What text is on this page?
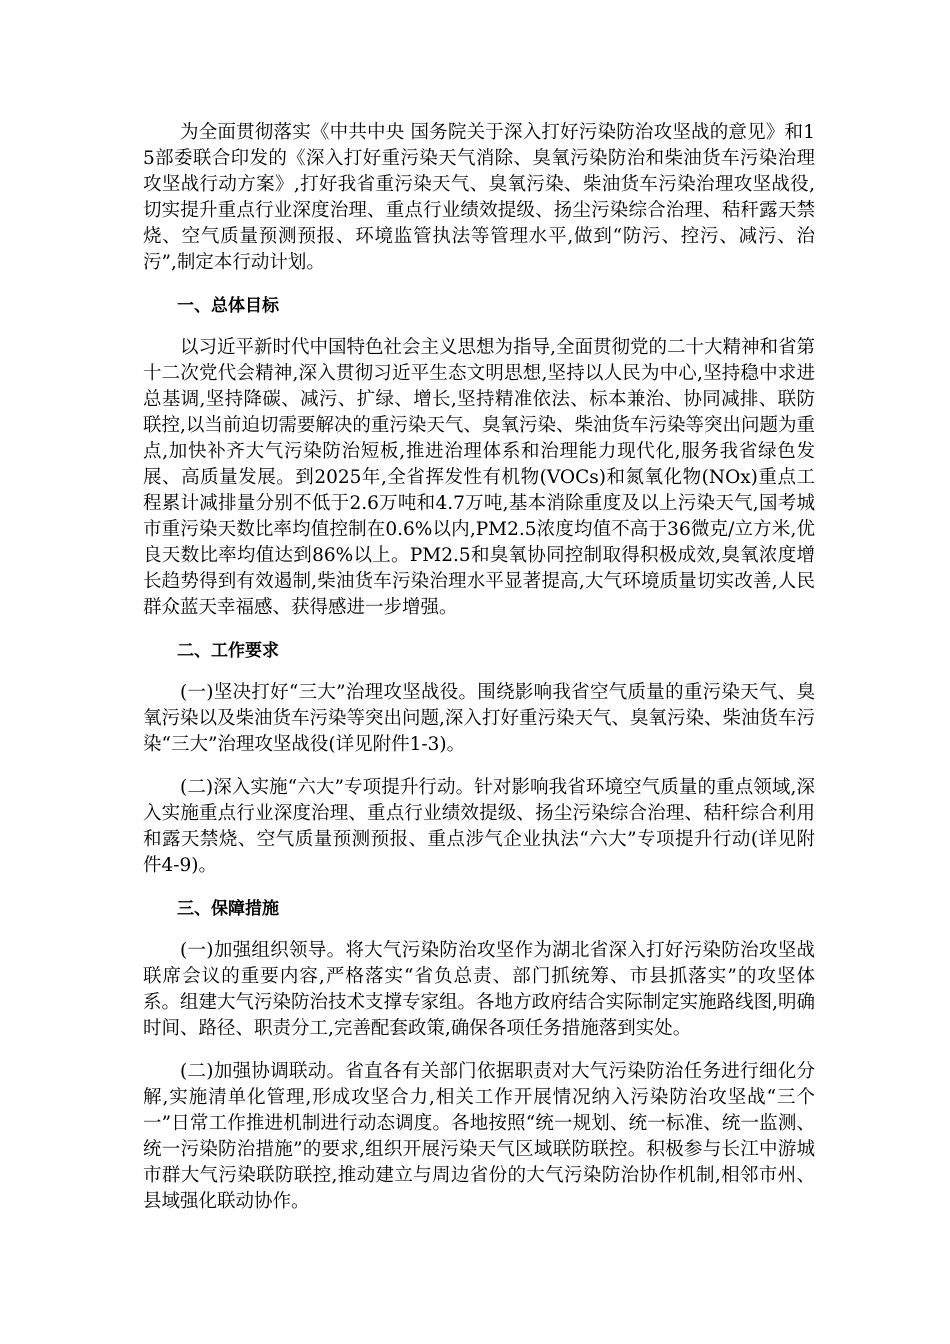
为全面贯彻落实《中共中央 国务院关于深入打好污染防治攻坚战的意见》和15部委联合印发的《深入打好重污染天气消除、臭氧污染防治和柴油货车污染治理攻坚战行动方案》,打好我省重污染天气、臭氧污染、柴油货车污染治理攻坚战役,切实提升重点行业深度治理、重点行业绩效提级、扬尘污染综合治理、秸秆露天禁烧、空气质量预测预报、环境监管执法等管理水平,做到“防污、控污、减污、治污”,制定本行动计划。

一、总体目标

以习近平新时代中国特色社会主义思想为指导,全面贯彻党的二十大精神和省第十二次党代会精神,深入贯彻习近平生态文明思想,坚持以人民为中心,坚持稳中求进总基调,坚持降碳、减污、扩绿、增长,坚持精准依法、标本兼治、协同减排、联防联控,以当前迫切需要解决的重污染天气、臭氧污染、柴油货车污染等突出问题为重点,加快补齐大气污染防治短板,推进治理体系和治理能力现代化,服务我省绿色发展、高质量发展。到2025年,全省挥发性有机物(VOCs)和氮氧化物(NOx)重点工程累计减排量分别不低于2.6万吨和4.7万吨,基本消除重度及以上污染天气,国考城市重污染天数比率均值控制在0.6%以内,PM2.5浓度均值不高于36微克/立方米,优良天数比率均值达到86%以上。PM2.5和臭氧协同控制取得积极成效,臭氧浓度增长趋势得到有效遏制,柴油货车污染治理水平显著提高,大气环境质量切实改善,人民群众蓝天幸福感、获得感进一步增强。

二、工作要求

(一)坚决打好“三大”治理攻坚战役。围绕影响我省空气质量的重污染天气、臭氧污染以及柴油货车污染等突出问题,深入打好重污染天气、臭氧污染、柴油货车污染“三大”治理攻坚战役(详见附件1-3)。

(二)深入实施“六大”专项提升行动。针对影响我省环境空气质量的重点领域,深入实施重点行业深度治理、重点行业绩效提级、扬尘污染综合治理、秸秆综合利用和露天禁烧、空气质量预测预报、重点涉气企业执法“六大”专项提升行动(详见附件4-9)。

三、保障措施

(一)加强组织领导。将大气污染防治攻坚作为湖北省深入打好污染防治攻坚战联席会议的重要内容,严格落实“省负总责、部门抓统筹、市县抓落实”的攻坚体系。组建大气污染防治技术支撑专家组。各地方政府结合实际制定实施路线图,明确时间、路径、职责分工,完善配套政策,确保各项任务措施落到实处。

(二)加强协调联动。省直各有关部门依据职责对大气污染防治任务进行细化分解,实施清单化管理,形成攻坚合力,相关工作开展情况纳入污染防治攻坚战“三个一”日常工作推进机制进行动态调度。各地按照“统一规划、统一标准、统一监测、统一污染防治措施”的要求,组织开展污染天气区域联防联控。积极参与长江中游城市群大气污染联防联控,推动建立与周边省份的大气污染防治协作机制,相邻市州、县域强化联动协作。
